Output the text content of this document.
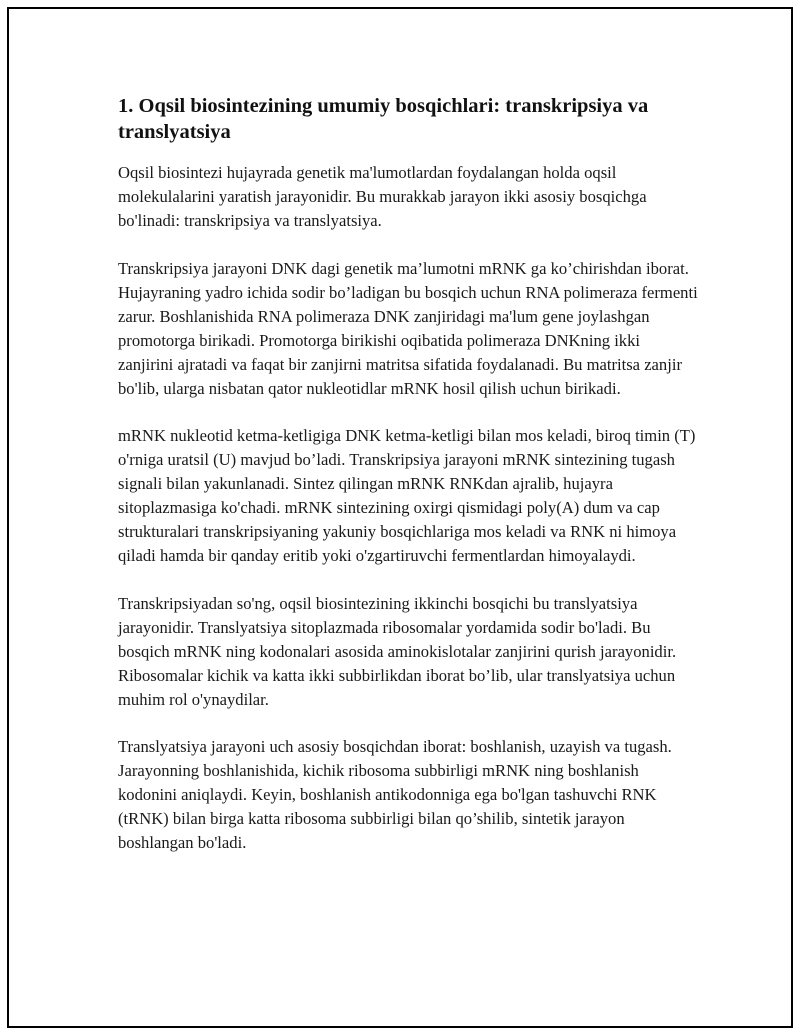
1. Oqsil biosintezining umumiy bosqichlari: transkripsiya va translyatsiya

Oqsil biosintezi hujayrada genetik ma'lumotlardan foydalangan holda oqsil molekulalarini yaratish jarayonidir. Bu murakkab jarayon ikki asosiy bosqichga bo'linadi: transkripsiya va translyatsiya.

Transkripsiya jarayoni DNK dagi genetik ma’lumotni mRNK ga ko’chirishdan iborat. Hujayraning yadro ichida sodir bo’ladigan bu bosqich uchun RNA polimeraza fermenti zarur. Boshlanishida RNA polimeraza DNK zanjiridagi ma'lum gene joylashgan promotorga birikadi. Promotorga birikishi oqibatida polimeraza DNKning ikki zanjirini ajratadi va faqat bir zanjirni matritsa sifatida foydalanadi. Bu matritsa zanjir bo'lib, ularga nisbatan qator nukleotidlar mRNK hosil qilish uchun birikadi.

mRNK nukleotid ketma-ketligiga DNK ketma-ketligi bilan mos keladi, biroq timin (T) o'rniga uratsil (U) mavjud bo’ladi. Transkripsiya jarayoni mRNK sintezining tugash signali bilan yakunlanadi. Sintez qilingan mRNK RNKdan ajralib, hujayra sitoplazmasiga ko'chadi. mRNK sintezining oxirgi qismidagi poly(A) dum va cap strukturalari transkripsiyaning yakuniy bosqichlariga mos keladi va RNK ni himoya qiladi hamda bir qanday eritib yoki o'zgartiruvchi fermentlardan himoyalaydi.

Transkripsiyadan so'ng, oqsil biosintezining ikkinchi bosqichi bu translyatsiya jarayonidir. Translyatsiya sitoplazmada ribosomalar yordamida sodir bo'ladi. Bu bosqich mRNK ning kodonalari asosida aminokislotalar zanjirini qurish jarayonidir. Ribosomalar kichik va katta ikki subbirlikdan iborat bo’lib, ular translyatsiya uchun muhim rol o'ynaydilar.

Translyatsiya jarayoni uch asosiy bosqichdan iborat: boshlanish, uzayish va tugash. Jarayonning boshlanishida, kichik ribosoma subbirligi mRNK ning boshlanish kodonini aniqlaydi. Keyin, boshlanish antikodonniga ega bo'lgan tashuvchi RNK (tRNK) bilan birga katta ribosoma subbirligi bilan qo’shilib, sintetik jarayon boshlangan bo'ladi.
